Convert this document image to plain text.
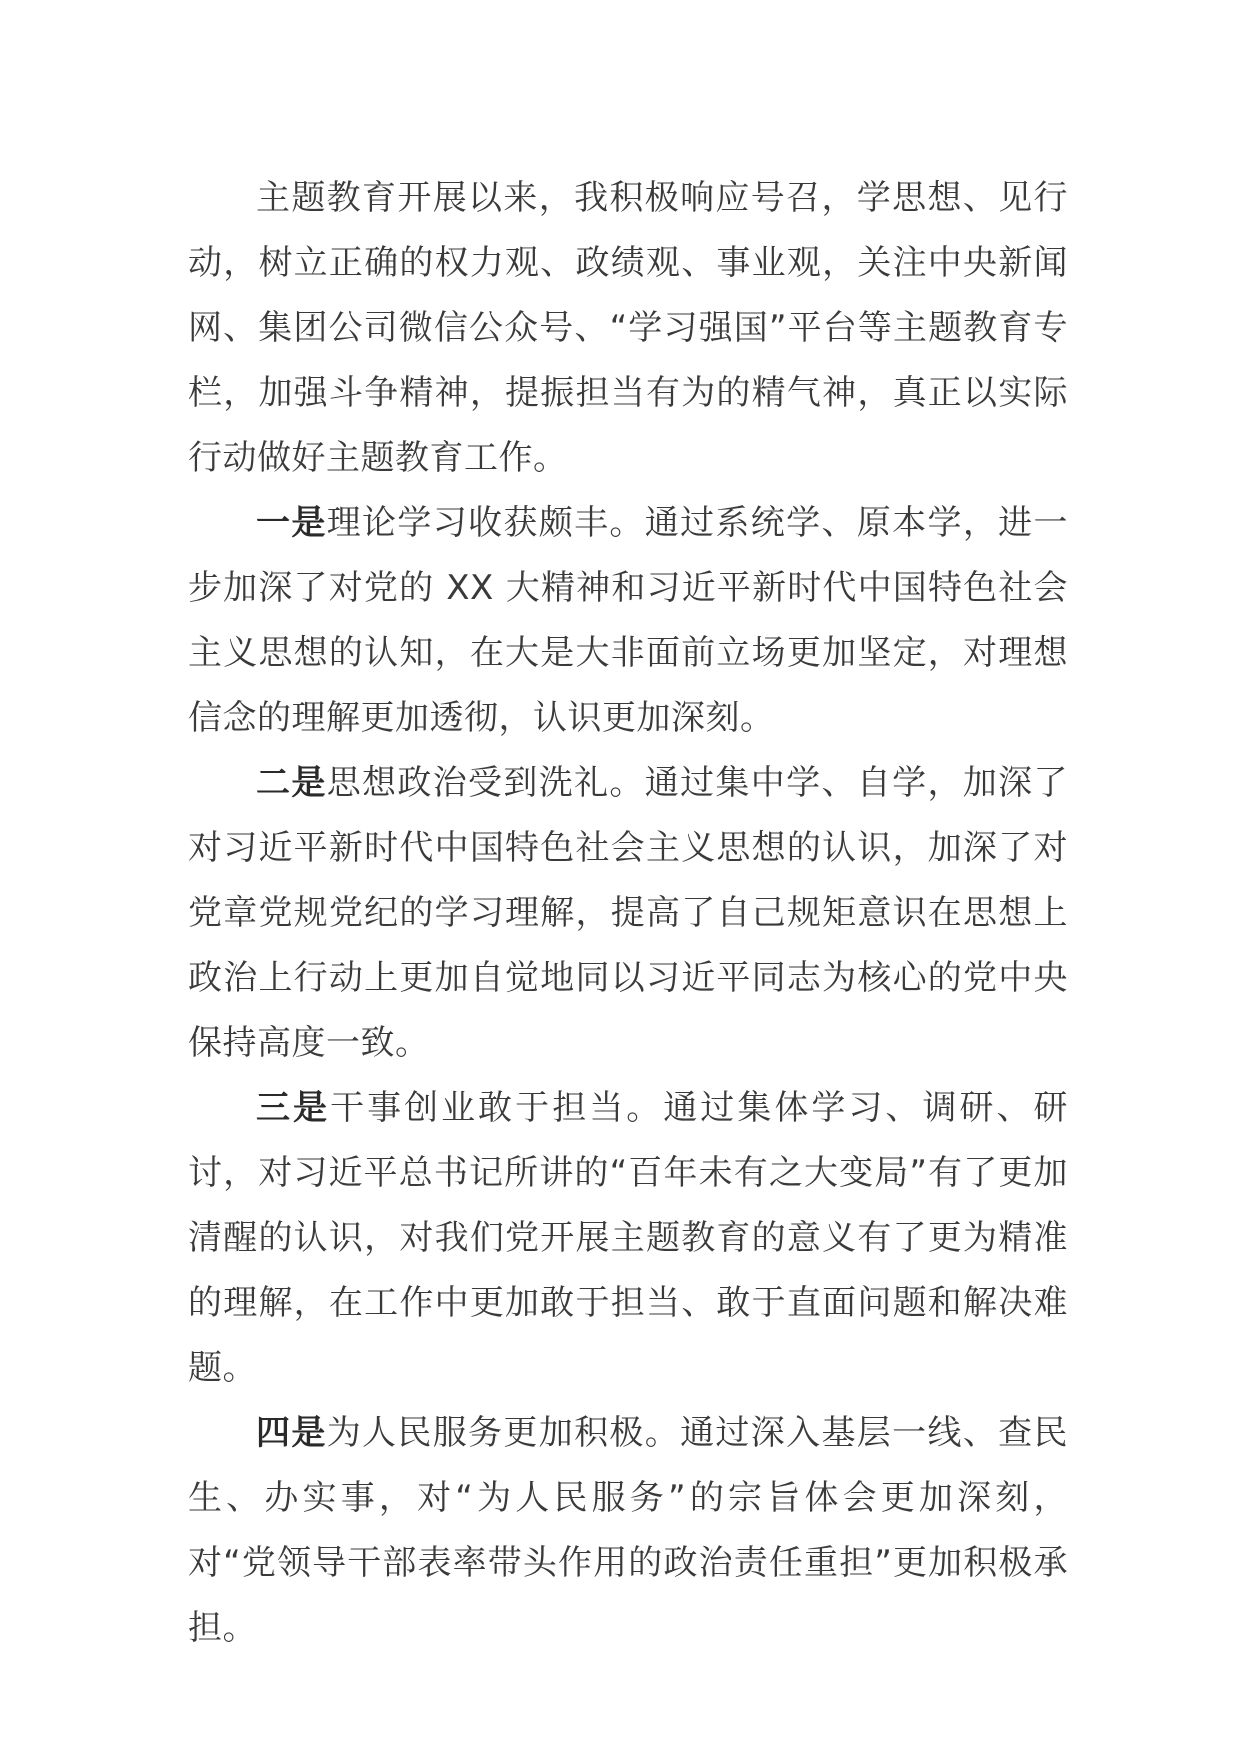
主题教育开展以来，我积极响应号召，学思想、见行动，树立正确的权力观、政绩观、事业观，关注中央新闻网、集团公司微信公众号、“学习强国”平台等主题教育专栏，加强斗争精神，提振担当有为的精气神，真正以实际行动做好主题教育工作。

一是理论学习收获颇丰。通过系统学、原本学，进一步加深了对党的 XX 大精神和习近平新时代中国特色社会主义思想的认知，在大是大非面前立场更加坚定，对理想信念的理解更加透彻，认识更加深刻。

二是思想政治受到洗礼。通过集中学、自学，加深了对习近平新时代中国特色社会主义思想的认识，加深了对党章党规党纪的学习理解，提高了自己规矩意识在思想上政治上行动上更加自觉地同以习近平同志为核心的党中央保持高度一致。

三是干事创业敢于担当。通过集体学习、调研、研讨，对习近平总书记所讲的“百年未有之大变局”有了更加清醒的认识，对我们党开展主题教育的意义有了更为精准的理解，在工作中更加敢于担当、敢于直面问题和解决难题。

四是为人民服务更加积极。通过深入基层一线、查民生、办实事，对“为人民服务”的宗旨体会更加深刻，对“党领导干部表率带头作用的政治责任重担”更加积极承担。
